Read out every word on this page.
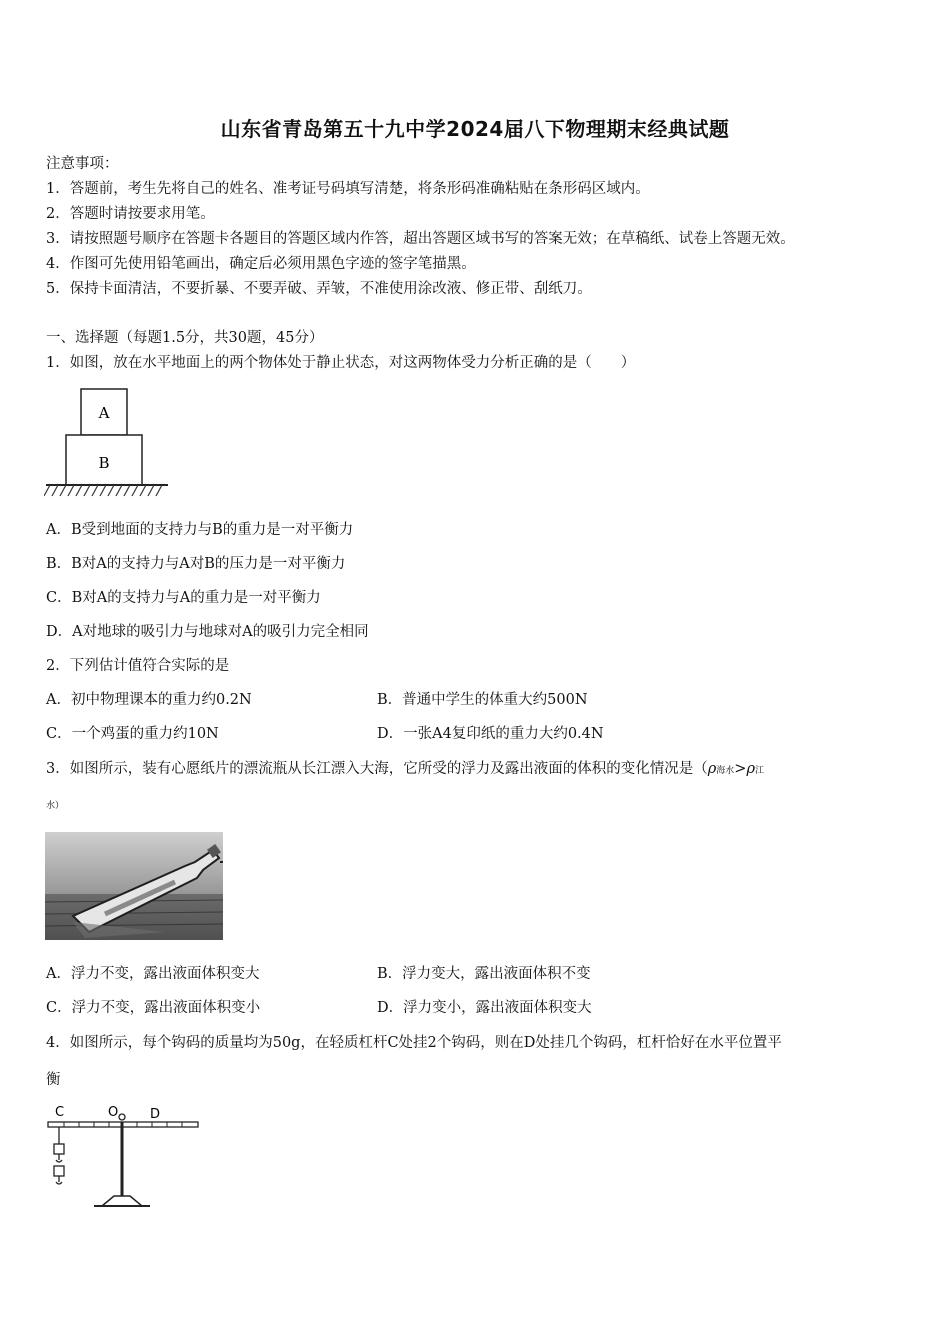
山东省青岛第五十九中学2024届八下物理期末经典试题
注意事项：
1．答题前，考生先将自己的姓名、准考证号码填写清楚，将条形码准确粘贴在条形码区域内。
2．答题时请按要求用笔。
3．请按照题号顺序在答题卡各题目的答题区域内作答，超出答题区域书写的答案无效；在草稿纸、试卷上答题无效。
4．作图可先使用铅笔画出，确定后必须用黑色字迹的签字笔描黑。
5．保持卡面清洁，不要折暴、不要弄破、弄皱，不准使用涂改液、修正带、刮纸刀。
一、选择题（每题1.5分，共30题，45分）
1．如图，放在水平地面上的两个物体处于静止状态，对这两物体受力分析正确的是（　　）
A
B
A．B受到地面的支持力与B的重力是一对平衡力
B．B对A的支持力与A对B的压力是一对平衡力
C．B对A的支持力与A的重力是一对平衡力
D．A对地球的吸引力与地球对A的吸引力完全相同
2．下列估计值符合实际的是
A．初中物理课本的重力约0.2N	B．普通中学生的体重大约500N
C．一个鸡蛋的重力约10N	D．一张A4复印纸的重力大约0.4N
3．如图所示，装有心愿纸片的漂流瓶从长江漂入大海，它所受的浮力及露出液面的体积的变化情况是（ρ海水>ρ江
水）
A．浮力不变，露出液面体积变大	B．浮力变大，露出液面体积不变
C．浮力不变，露出液面体积变小	D．浮力变小，露出液面体积变大
4．如图所示，每个钩码的质量均为50g，在轻质杠杆C处挂2个钩码，则在D处挂几个钩码，杠杆恰好在水平位置平
衡
C	O D
